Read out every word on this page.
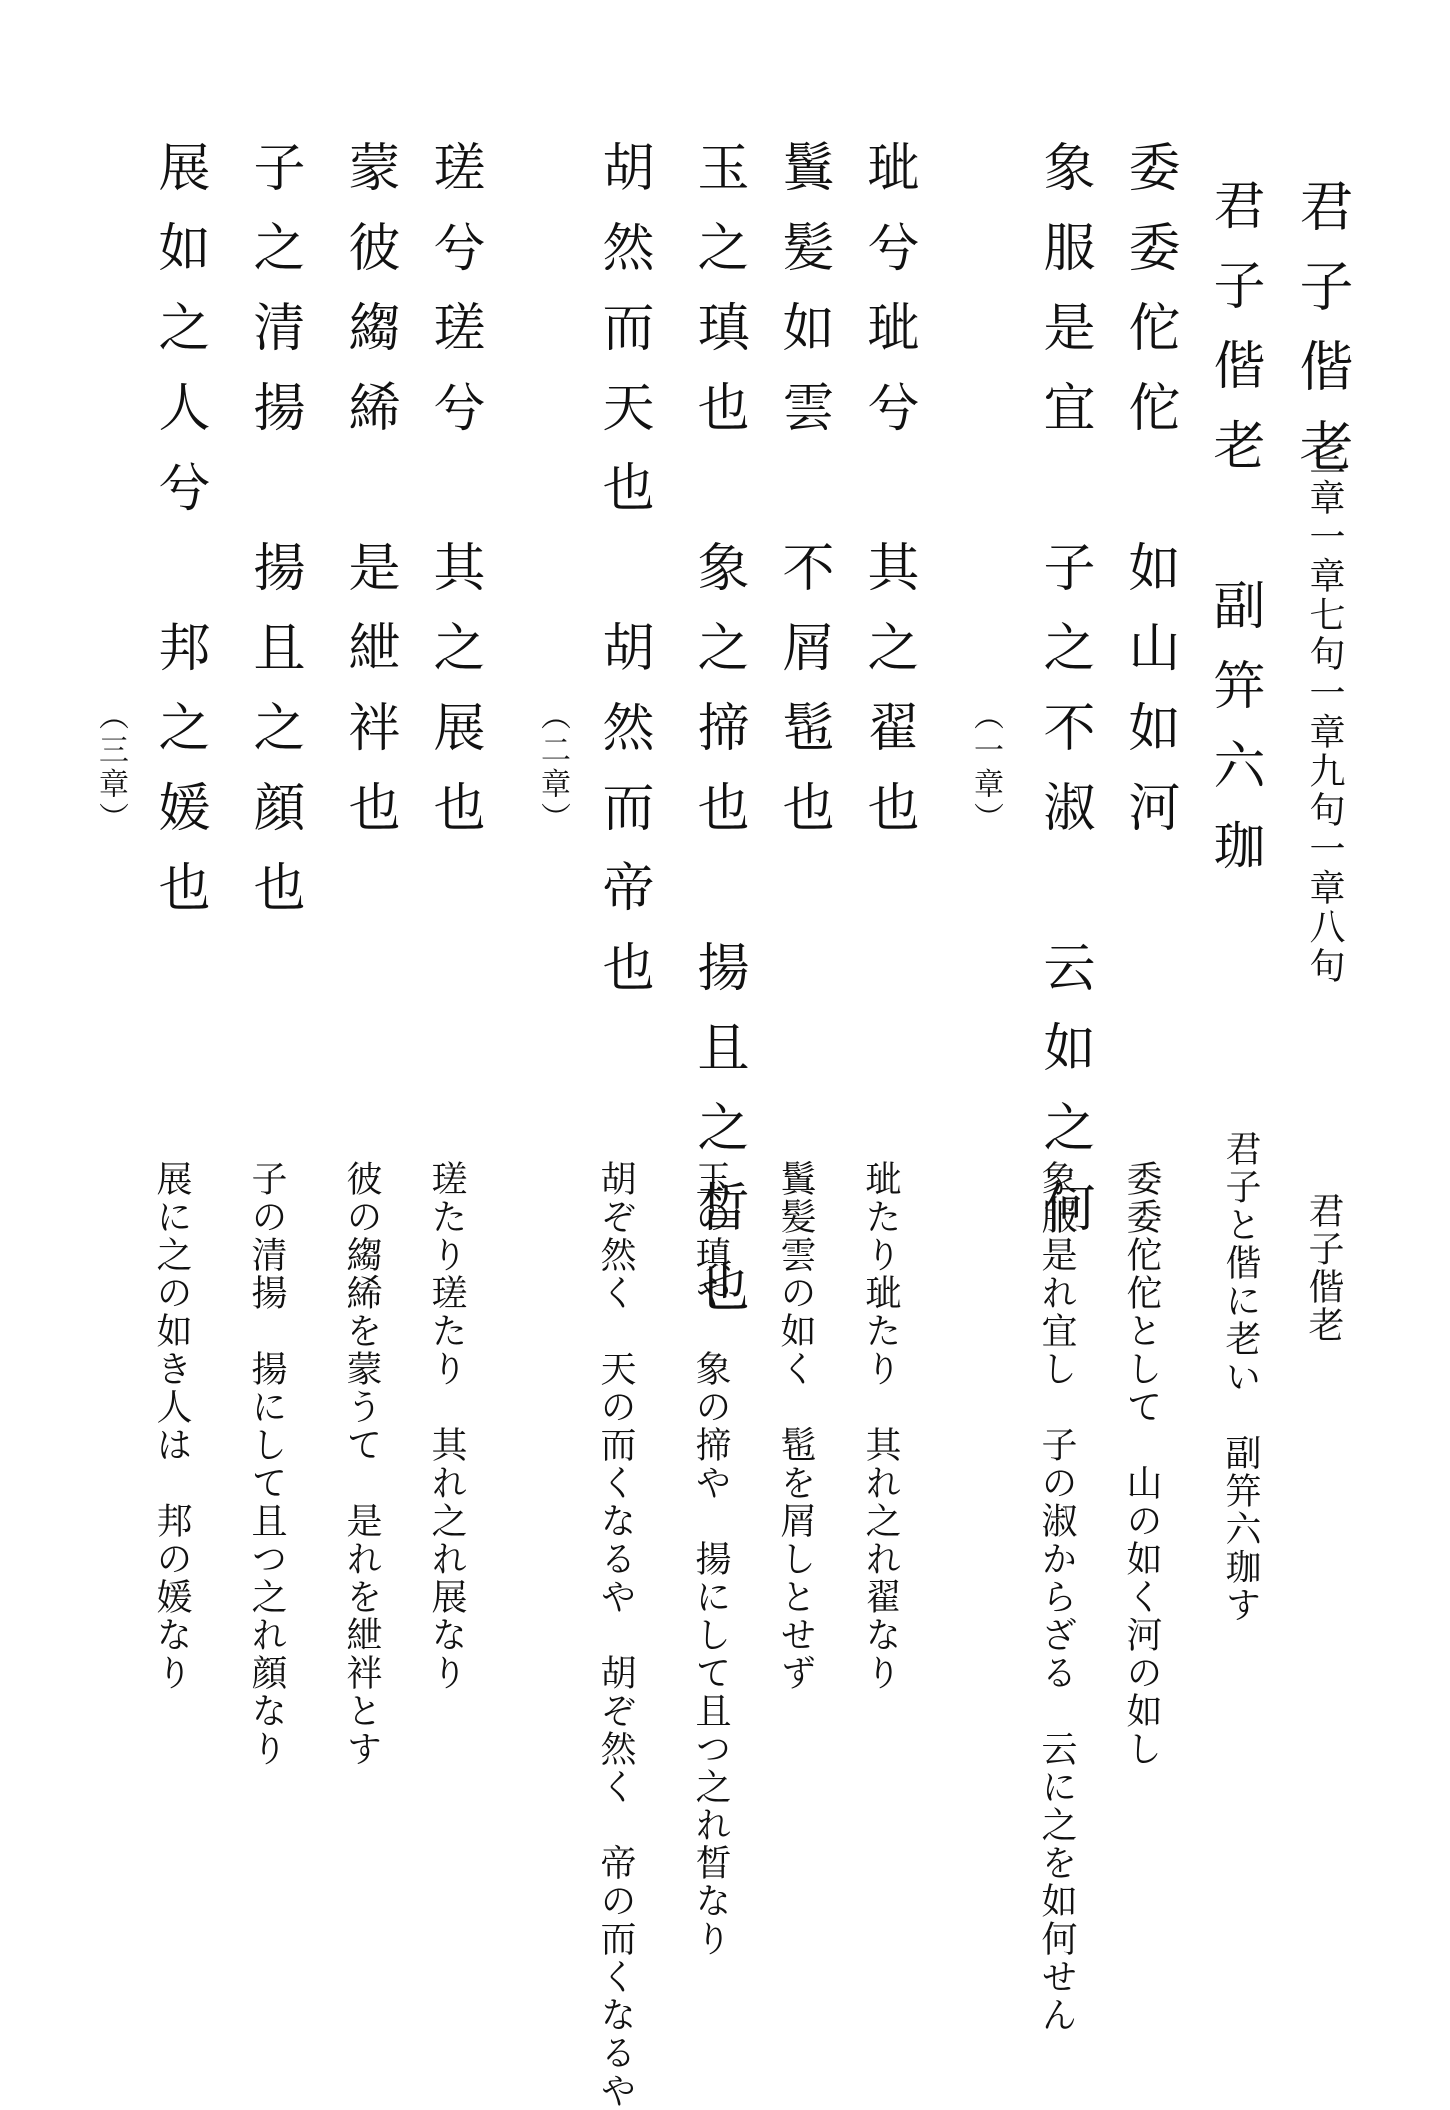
君子偕老
三章一章七句一章九句一章八句
君子偕老　副笄六珈
委委佗佗　如山如河
象服是宜　子之不淑　云如之何
（一章）
玼兮玼兮　其之翟也
鬒髪如雲　不屑髢也
玉之瑱也　象之揥也　揚且之晳也
胡然而天也　胡然而帝也
（二章）
瑳兮瑳兮　其之展也
蒙彼縐絺　是紲袢也
子之清揚　揚且之顔也
展如之人兮　邦之媛也
（三章）
君子偕老
君子と偕に老い　副笄六珈す
委委佗佗として　山の如く河の如し
象服是れ宜し　子の淑からざる　云に之を如何せん
玼たり玼たり　其れ之れ翟なり
鬒髪雲の如く　髢を屑しとせず
玉の瑱や　象の揥や　揚にして且つ之れ晳なり
胡ぞ然く　天の而くなるや　胡ぞ然く　帝の而くなるや
瑳たり瑳たり　其れ之れ展なり
彼の縐絺を蒙うて　是れを紲袢とす
子の清揚　揚にして且つ之れ顔なり
展に之の如き人は　邦の媛なり
